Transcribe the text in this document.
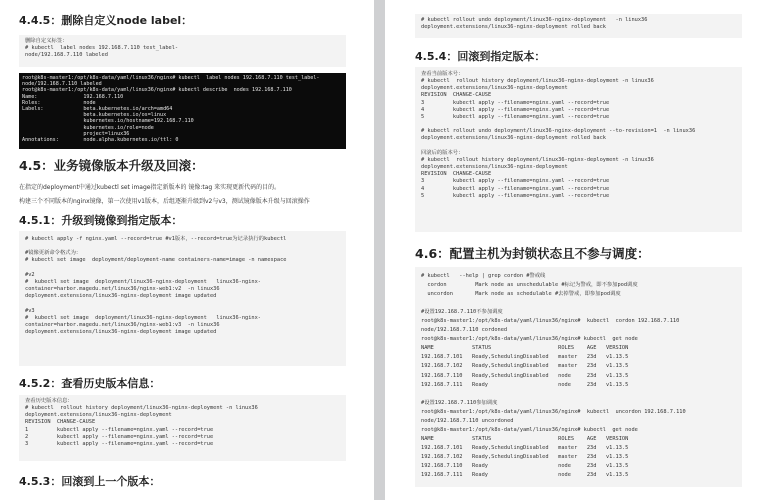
4.4.5：删除自定义node label：
删除自定义标签：
# kubectl  label nodes 192.168.7.110 test_label-
node/192.168.7.110 labeled
root@k8s-master1:/opt/k8s-data/yaml/linux36/nginx# kubectl  label nodes 192.168.7.110 test_label-
node/192.168.7.110 labeled
root@k8s-master1:/opt/k8s-data/yaml/linux36/nginx# kubectl describe  nodes 192.168.7.110
Name:               192.168.7.110
Roles:              node
Labels:             beta.kubernetes.io/arch=amd64
beta.kubernetes.io/os=linux
kubernetes.io/hostname=192.168.7.110
kubernetes.io/role=node
project=linux36
Annotations:        node.alpha.kubernetes.io/ttl: 0
4.5：业务镜像版本升级及回滚：
在指定的deployment中通过kubectl set image指定新版本的 镜像:tag 来实现更新代码的目的。
构建三个不同版本的nginx镜像，第一次使用v1版本，后组逐渐升级到v2与v3，测试镜像版本升级与回滚操作
4.5.1：升级到镜像到指定版本：
# kubectl apply -f nginx.yaml --record=true #v1版本，--record=true为记录执行的kubectl

#镜像更新命令格式为：
# kubectl set image  deployment/deployment-name containers-name=image -n namespace

#v2
#  kubectl set image  deployment/linux36-nginx-deployment   linux36-nginx-
container=harbor.magedu.net/linux36/nginx-web1:v2  -n linux36
deployment.extensions/linux36-nginx-deployment image updated

#v3
#  kubectl set image  deployment/linux36-nginx-deployment   linux36-nginx-
container=harbor.magedu.net/linux36/nginx-web1:v3  -n linux36
deployment.extensions/linux36-nginx-deployment image updated
4.5.2：查看历史版本信息：
查看历史版本信息：
# kubectl  rollout history deployment/linux36-nginx-deployment -n linux36
deployment.extensions/linux36-nginx-deployment
REVISION  CHANGE-CAUSE
1         kubectl apply --filename=nginx.yaml --record=true
2         kubectl apply --filename=nginx.yaml --record=true
3         kubectl apply --filename=nginx.yaml --record=true
4.5.3：回滚到上一个版本：
# kubectl rollout undo deployment/linux36-nginx-deployment   -n linux36
deployment.extensions/linux36-nginx-deployment rolled back
4.5.4：回滚到指定版本：
查看当前版本号：
# kubectl  rollout history deployment/linux36-nginx-deployment -n linux36
deployment.extensions/linux36-nginx-deployment
REVISION  CHANGE-CAUSE
3         kubectl apply --filename=nginx.yaml --record=true
4         kubectl apply --filename=nginx.yaml --record=true
5         kubectl apply --filename=nginx.yaml --record=true

# kubectl rollout undo deployment/linux36-nginx-deployment --to-revision=1  -n linux36
deployment.extensions/linux36-nginx-deployment rolled back

回滚后的版本号：
# kubectl  rollout history deployment/linux36-nginx-deployment -n linux36
deployment.extensions/linux36-nginx-deployment
REVISION  CHANGE-CAUSE
3         kubectl apply --filename=nginx.yaml --record=true
4         kubectl apply --filename=nginx.yaml --record=true
5         kubectl apply --filename=nginx.yaml --record=true
4.6：配置主机为封锁状态且不参与调度：
# kubectl   --help | grep cordon #警戒线
cordon         Mark node as unschedulable #标记为警戒，即不参加pod调度
uncordon       Mark node as schedulable #去掉警戒，即参加pod调度

#设置192.168.7.110不参加调度
root@k8s-master1:/opt/k8s-data/yaml/linux36/nginx#  kubectl  cordon 192.168.7.110
node/192.168.7.110 cordoned
root@k8s-master1:/opt/k8s-data/yaml/linux36/nginx# kubectl  get node
NAME            STATUS                     ROLES    AGE   VERSION
192.168.7.101   Ready,SchedulingDisabled   master   23d   v1.13.5
192.168.7.102   Ready,SchedulingDisabled   master   23d   v1.13.5
192.168.7.110   Ready,SchedulingDisabled   node     23d   v1.13.5
192.168.7.111   Ready                      node     23d   v1.13.5

#设置192.168.7.110参加调度
root@k8s-master1:/opt/k8s-data/yaml/linux36/nginx#  kubectl  uncordon 192.168.7.110
node/192.168.7.110 uncordoned
root@k8s-master1:/opt/k8s-data/yaml/linux36/nginx# kubectl  get node
NAME            STATUS                     ROLES    AGE   VERSION
192.168.7.101   Ready,SchedulingDisabled   master   23d   v1.13.5
192.168.7.102   Ready,SchedulingDisabled   master   23d   v1.13.5
192.168.7.110   Ready                      node     23d   v1.13.5
192.168.7.111   Ready                      node     23d   v1.13.5
